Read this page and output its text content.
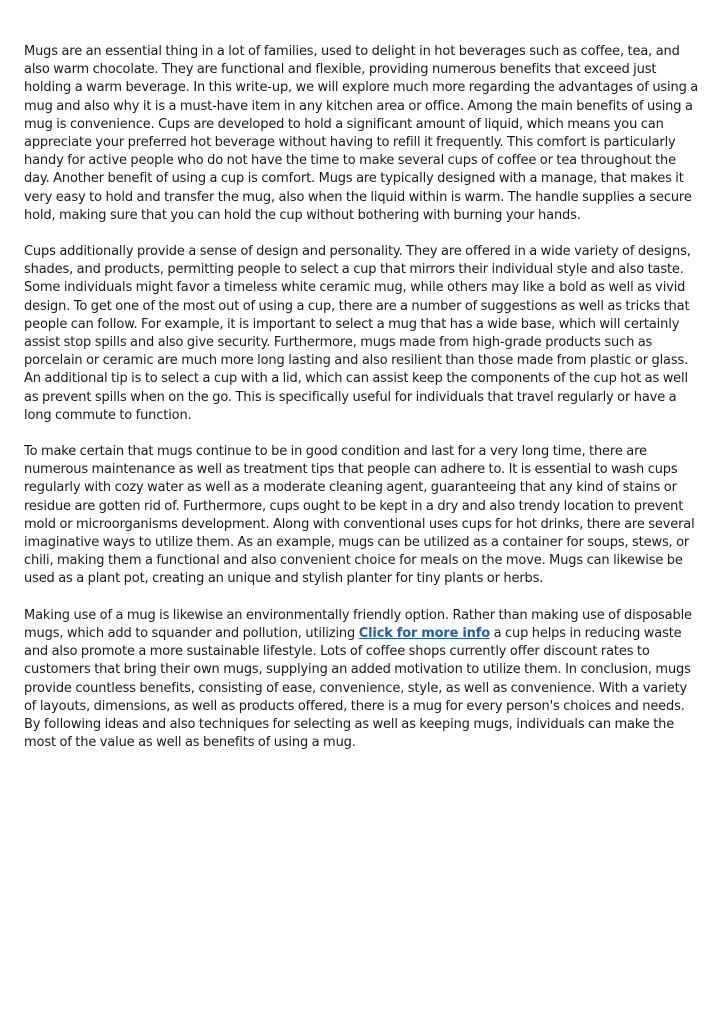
Mugs are an essential thing in a lot of families, used to delight in hot beverages such as coffee, tea, and also warm chocolate. They are functional and flexible, providing numerous benefits that exceed just holding a warm beverage. In this write-up, we will explore much more regarding the advantages of using a mug and also why it is a must-have item in any kitchen area or office. Among the main benefits of using a mug is convenience. Cups are developed to hold a significant amount of liquid, which means you can appreciate your preferred hot beverage without having to refill it frequently. This comfort is particularly handy for active people who do not have the time to make several cups of coffee or tea throughout the day. Another benefit of using a cup is comfort. Mugs are typically designed with a manage, that makes it very easy to hold and transfer the mug, also when the liquid within is warm. The handle supplies a secure hold, making sure that you can hold the cup without bothering with burning your hands.

Cups additionally provide a sense of design and personality. They are offered in a wide variety of designs, shades, and products, permitting people to select a cup that mirrors their individual style and also taste. Some individuals might favor a timeless white ceramic mug, while others may like a bold as well as vivid design. To get one of the most out of using a cup, there are a number of suggestions as well as tricks that people can follow. For example, it is important to select a mug that has a wide base, which will certainly assist stop spills and also give security. Furthermore, mugs made from high-grade products such as porcelain or ceramic are much more long lasting and also resilient than those made from plastic or glass. An additional tip is to select a cup with a lid, which can assist keep the components of the cup hot as well as prevent spills when on the go. This is specifically useful for individuals that travel regularly or have a long commute to function.

To make certain that mugs continue to be in good condition and last for a very long time, there are numerous maintenance as well as treatment tips that people can adhere to. It is essential to wash cups regularly with cozy water as well as a moderate cleaning agent, guaranteeing that any kind of stains or residue are gotten rid of. Furthermore, cups ought to be kept in a dry and also trendy location to prevent mold or microorganisms development. Along with conventional uses cups for hot drinks, there are several imaginative ways to utilize them. As an example, mugs can be utilized as a container for soups, stews, or chili, making them a functional and also convenient choice for meals on the move. Mugs can likewise be used as a plant pot, creating an unique and stylish planter for tiny plants or herbs.

Making use of a mug is likewise an environmentally friendly option. Rather than making use of disposable mugs, which add to squander and pollution, utilizing Click for more info a cup helps in reducing waste and also promote a more sustainable lifestyle. Lots of coffee shops currently offer discount rates to customers that bring their own mugs, supplying an added motivation to utilize them. In conclusion, mugs provide countless benefits, consisting of ease, convenience, style, as well as convenience. With a variety of layouts, dimensions, as well as products offered, there is a mug for every person's choices and needs. By following ideas and also techniques for selecting as well as keeping mugs, individuals can make the most of the value as well as benefits of using a mug.
